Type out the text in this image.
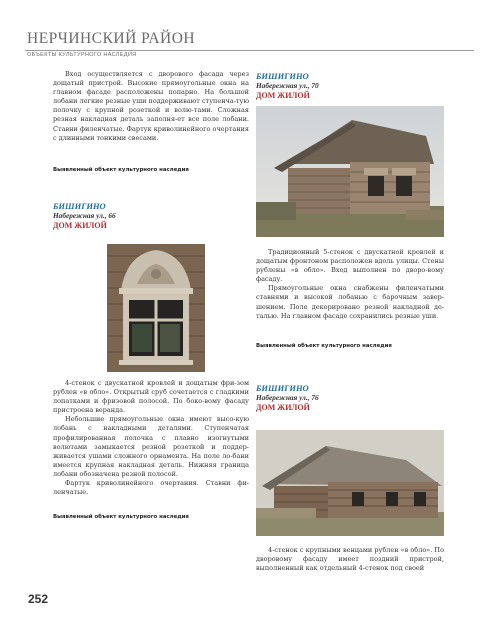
НЕРЧИНСКИЙ РАЙОН
ОБЪЕКТЫ КУЛЬТУРНОГО НАСЛЕДИЯ

Вход осуществляется с дворового фасада через дощатый пристрой. Высокие прямоугольные окна на главном фасаде расположены попарно. На большой лобани легкие резные уши поддерживают ступенча-тую полочку с крупной розеткой и волю-тами. Сложная резная накладная деталь заполня-ет все поле лобани. Ставни филенчатые. Фартук криволинейного очертания с длинными тонкими свесами.

Выявленный объект культурного наследия
БИШИГИНО
Набережная ул., 70
ДОМ ЖИЛОЙ
БИШИГИНО
Набережная ул., 66
ДОМ ЖИЛОЙ

Традиционный 5-стенок с двускатной кровлей и дощатым фронтоном расположен вдоль улицы. Стены рублены «в обло». Вход выполнен по дворо-вому фасаду.

Прямоугольные окна снабжены филенчатыми ставнями и высокой лобанью с барочным завер-шением. Поле декорировано резной накладной де-талью. На главном фасаде сохранились резные уши.

Выявленный объект культурного наследия

4-стенок с двускатной кровлей и дощатым фри-зом рублен «в обло». Открытый сруб сочетается с гладкими лопатками и фризовой полосой. По боко-вому фасаду пристроена веранда.

Небольшие прямоугольные окна имеют высо-кую лобань с накладными деталями. Ступенчатая профилированная полочка с плавно изогнутыми волютами замыкается резной розеткой и поддер-живается ушами сложного орнамента. На поле ло-бани имеется крупная накладная деталь. Нижняя граница лобани обозначена резной полосой.

Фартук криволинейного очертания. Ставни фи-ленчатые.

Выявленный объект культурного наследия
БИШИГИНО
Набережная ул., 76
ДОМ ЖИЛОЙ

4-стенок с крупными венцами рублен «в обло». По дворовому фасаду имеет поздний пристрой, выполненный как отдельный 4-стенок под своей

252
